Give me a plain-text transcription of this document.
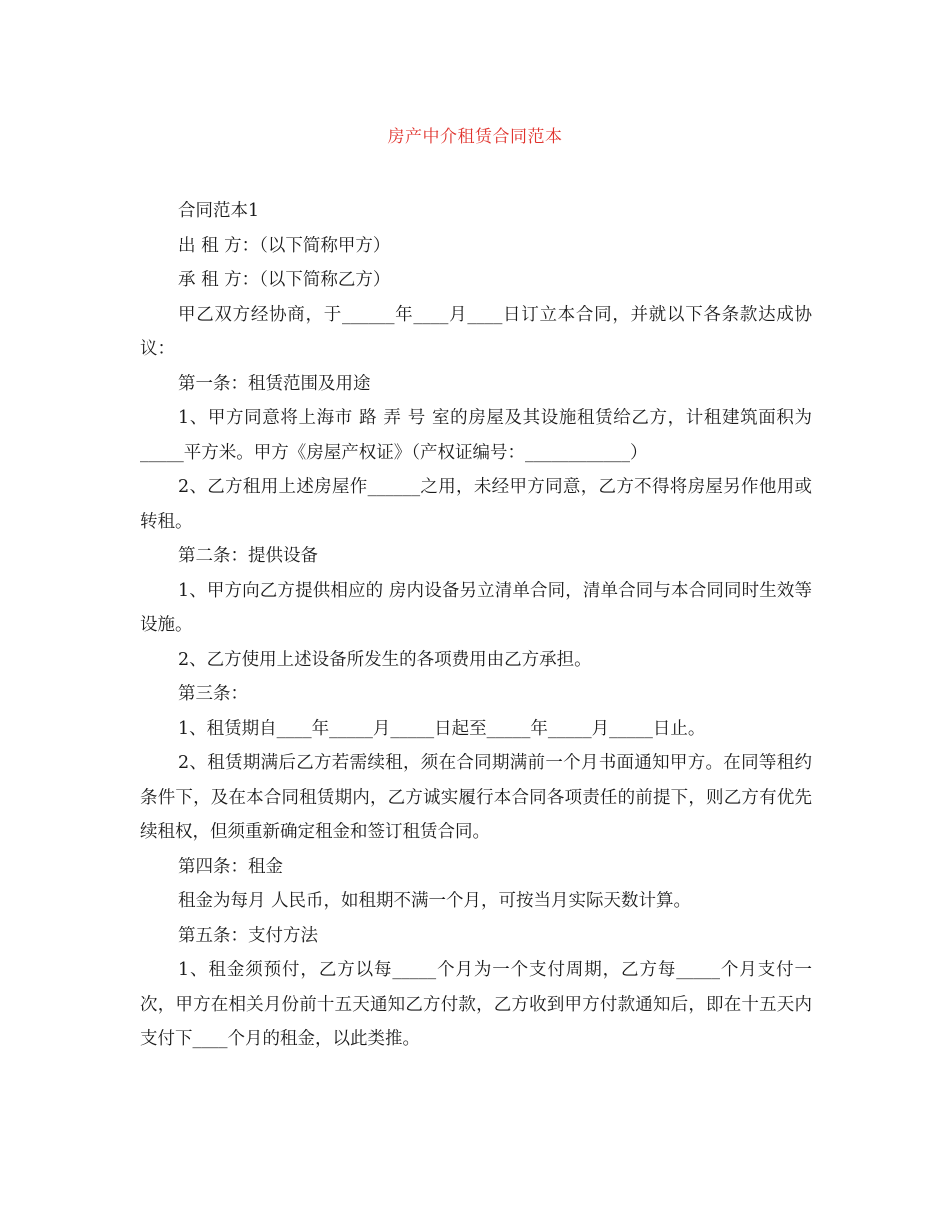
房产中介租赁合同范本

合同范本1

出 租 方：（以下简称甲方）

承 租 方：（以下简称乙方）

甲乙双方经协商，于______年____月____日订立本合同，并就以下各条款达成协议：

第一条：租赁范围及用途

1、甲方同意将上海市 路 弄 号 室的房屋及其设施租赁给乙方，计租建筑面积为_____平方米。甲方《房屋产权证》（产权证编号：____________）

2、乙方租用上述房屋作______之用，未经甲方同意，乙方不得将房屋另作他用或转租。

第二条：提供设备

1、甲方向乙方提供相应的 房内设备另立清单合同，清单合同与本合同同时生效等设施。

2、乙方使用上述设备所发生的各项费用由乙方承担。

第三条：

1、租赁期自____年_____月_____日起至_____年_____月_____日止。

2、租赁期满后乙方若需续租，须在合同期满前一个月书面通知甲方。在同等租约条件下，及在本合同租赁期内，乙方诚实履行本合同各项责任的前提下，则乙方有优先续租权，但须重新确定租金和签订租赁合同。

第四条：租金

租金为每月 人民币，如租期不满一个月，可按当月实际天数计算。

第五条：支付方法

1、租金须预付，乙方以每_____个月为一个支付周期，乙方每_____个月支付一次，甲方在相关月份前十五天通知乙方付款，乙方收到甲方付款通知后，即在十五天内支付下____个月的租金，以此类推。
